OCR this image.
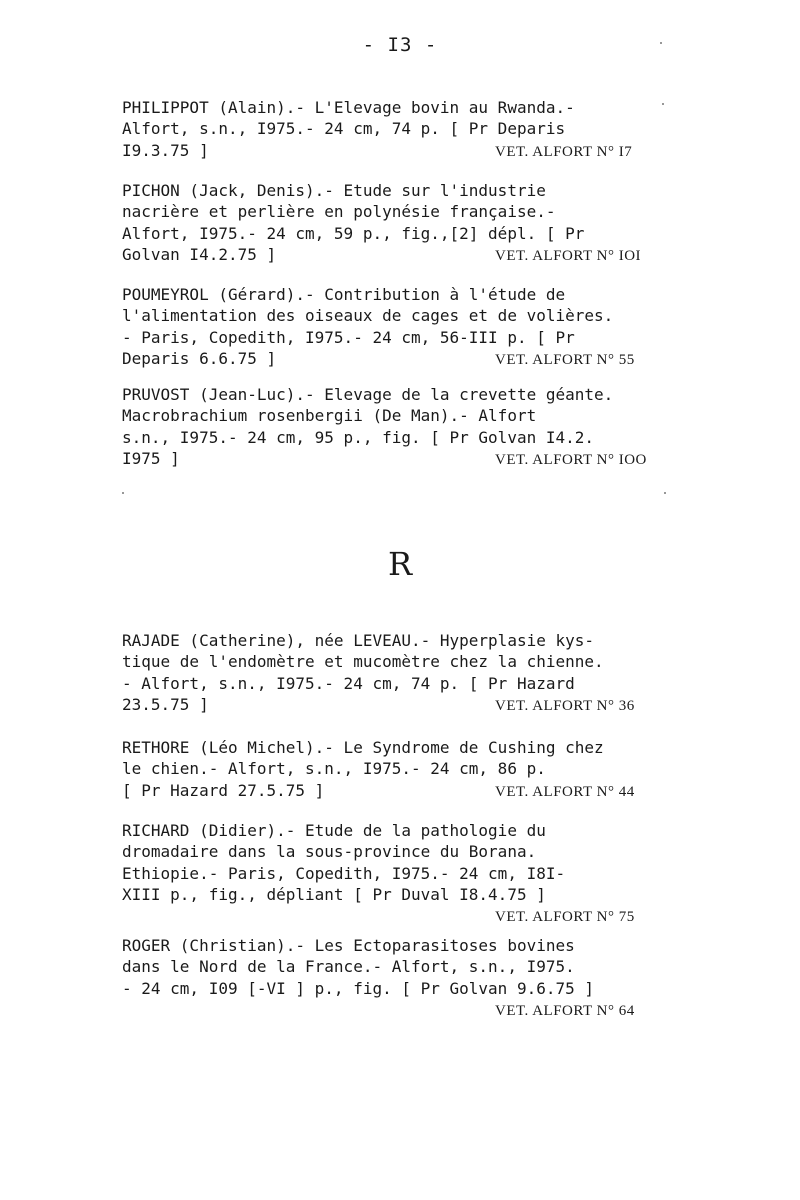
- I3 -
PHILIPPOT (Alain).- L'Elevage bovin au Rwanda.-
Alfort, s.n., I975.- 24 cm, 74 p. [ Pr Deparis
I9.3.75 ]	VET. ALFORT N° I7
PICHON (Jack, Denis).- Etude sur l'industrie
nacrière et perlière en polynésie française.-
Alfort, I975.- 24 cm, 59 p., fig.,[2] dépl. [ Pr
Golvan I4.2.75 ]	VET. ALFORT N° IOI
POUMEYROL (Gérard).- Contribution à l'étude de
l'alimentation des oiseaux de cages et de volières.
- Paris, Copedith, I975.- 24 cm, 56-III p. [ Pr
Deparis 6.6.75 ]	VET. ALFORT N° 55
PRUVOST (Jean-Luc).- Elevage de la crevette géante.
Macrobrachium rosenbergii (De Man).- Alfort
s.n., I975.- 24 cm, 95 p., fig. [ Pr Golvan I4.2.
I975 ]	VET. ALFORT N° IOO
R
RAJADE (Catherine), née LEVEAU.- Hyperplasie kys-
tique de l'endomètre et mucomètre chez la chienne.
- Alfort, s.n., I975.- 24 cm, 74 p. [ Pr Hazard
23.5.75 ]	VET. ALFORT N° 36
RETHORE (Léo Michel).- Le Syndrome de Cushing chez
le chien.- Alfort, s.n., I975.- 24 cm, 86 p.
[ Pr Hazard 27.5.75 ]	VET. ALFORT N° 44
RICHARD (Didier).- Etude de la pathologie du
dromadaire dans la sous-province du Borana.
Ethiopie.- Paris, Copedith, I975.- 24 cm, I8I-
XIII p., fig., dépliant [ Pr Duval I8.4.75 ]
VET. ALFORT N° 75
ROGER (Christian).- Les Ectoparasitoses bovines
dans le Nord de la France.- Alfort, s.n., I975.
- 24 cm, I09 [-VI ] p., fig. [ Pr Golvan 9.6.75 ]
VET. ALFORT N° 64
